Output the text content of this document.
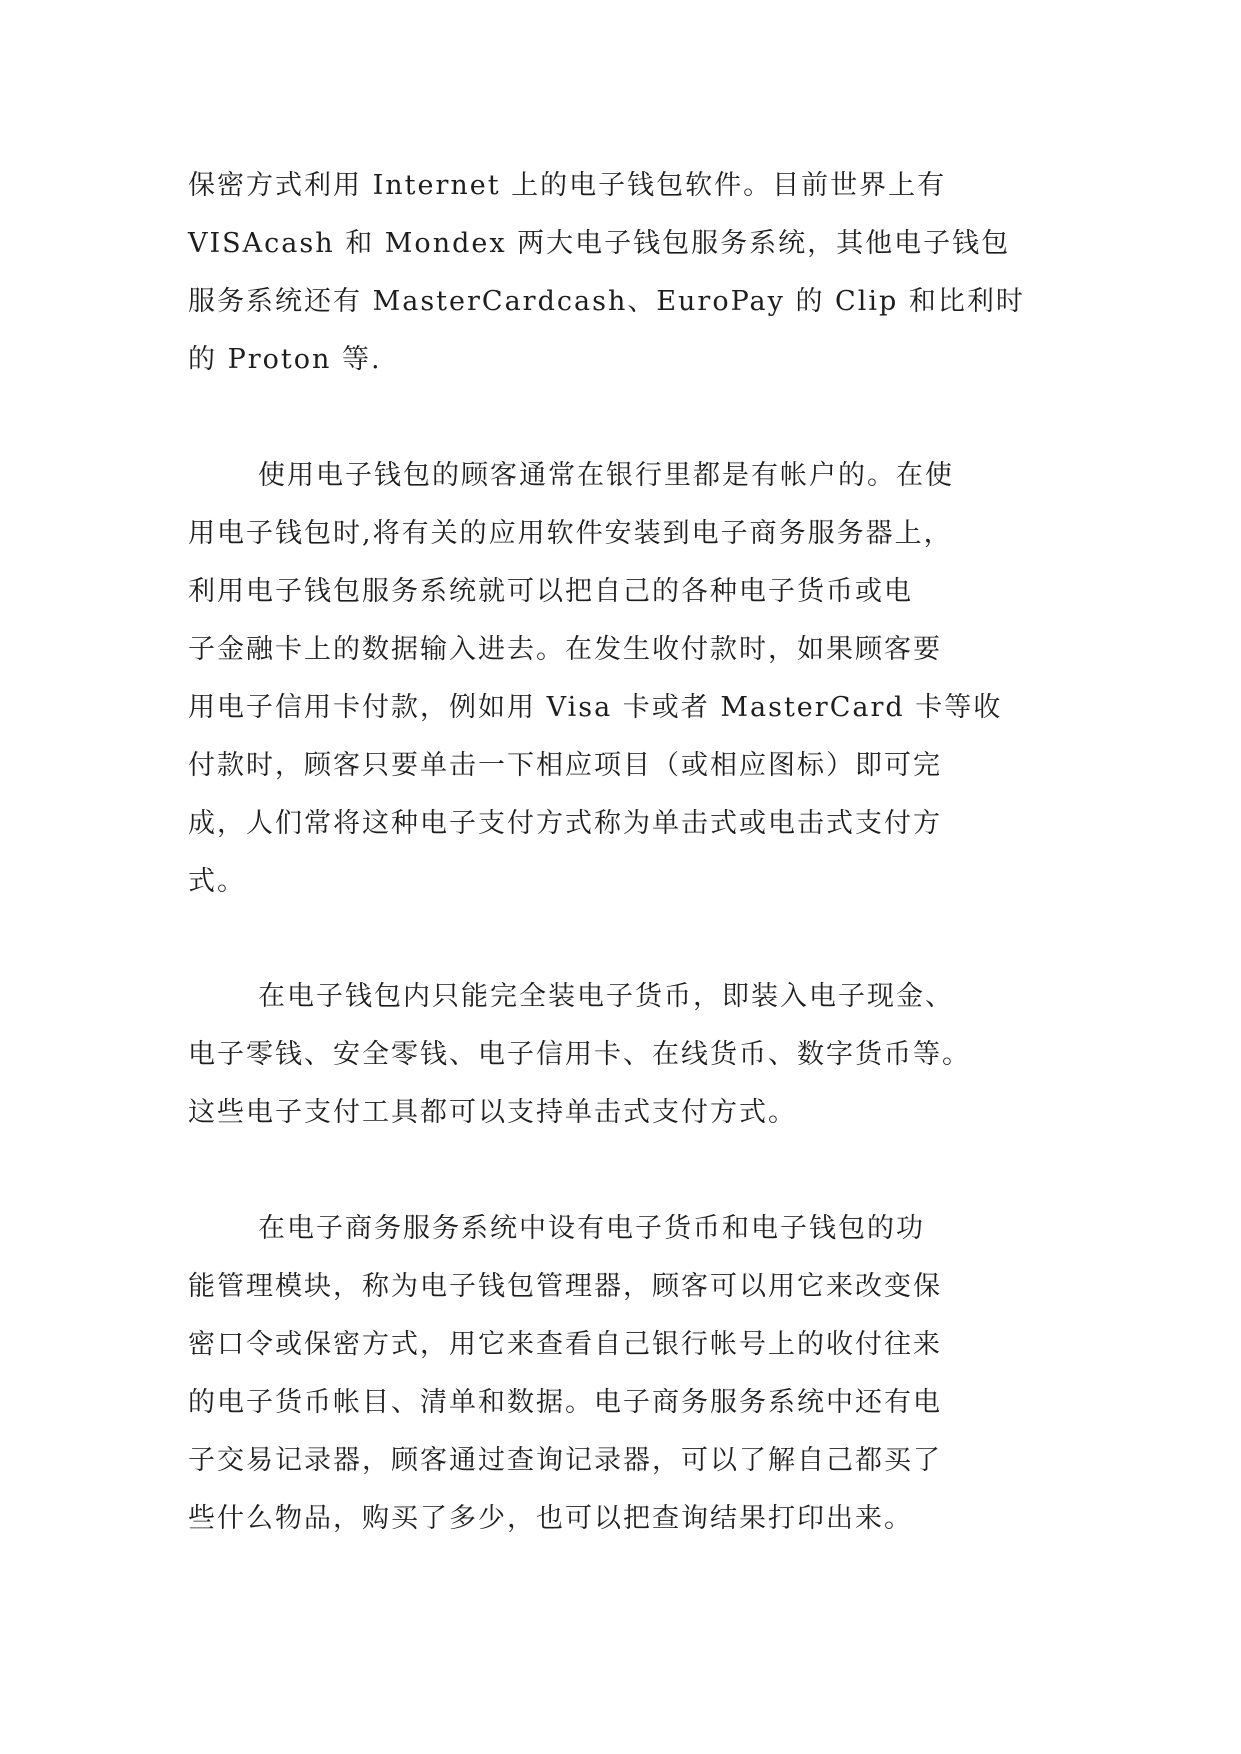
保密方式利用 Internet 上的电子钱包软件。目前世界上有
VISAcash 和 Mondex 两大电子钱包服务系统，其他电子钱包
服务系统还有 MasterCardcash、EuroPay 的 Clip 和比利时
的 Proton 等.
使用电子钱包的顾客通常在银行里都是有帐户的。在使
用电子钱包时,将有关的应用软件安装到电子商务服务器上，
利用电子钱包服务系统就可以把自己的各种电子货币或电
子金融卡上的数据输入进去。在发生收付款时，如果顾客要
用电子信用卡付款，例如用 Visa 卡或者 MasterCard 卡等收
付款时，顾客只要单击一下相应项目（或相应图标）即可完
成，人们常将这种电子支付方式称为单击式或电击式支付方
式。
在电子钱包内只能完全装电子货币，即装入电子现金、
电子零钱、安全零钱、电子信用卡、在线货币、数字货币等。
这些电子支付工具都可以支持单击式支付方式。
在电子商务服务系统中设有电子货币和电子钱包的功
能管理模块，称为电子钱包管理器，顾客可以用它来改变保
密口令或保密方式，用它来查看自己银行帐号上的收付往来
的电子货币帐目、清单和数据。电子商务服务系统中还有电
子交易记录器，顾客通过查询记录器，可以了解自己都买了
些什么物品，购买了多少，也可以把查询结果打印出来。
